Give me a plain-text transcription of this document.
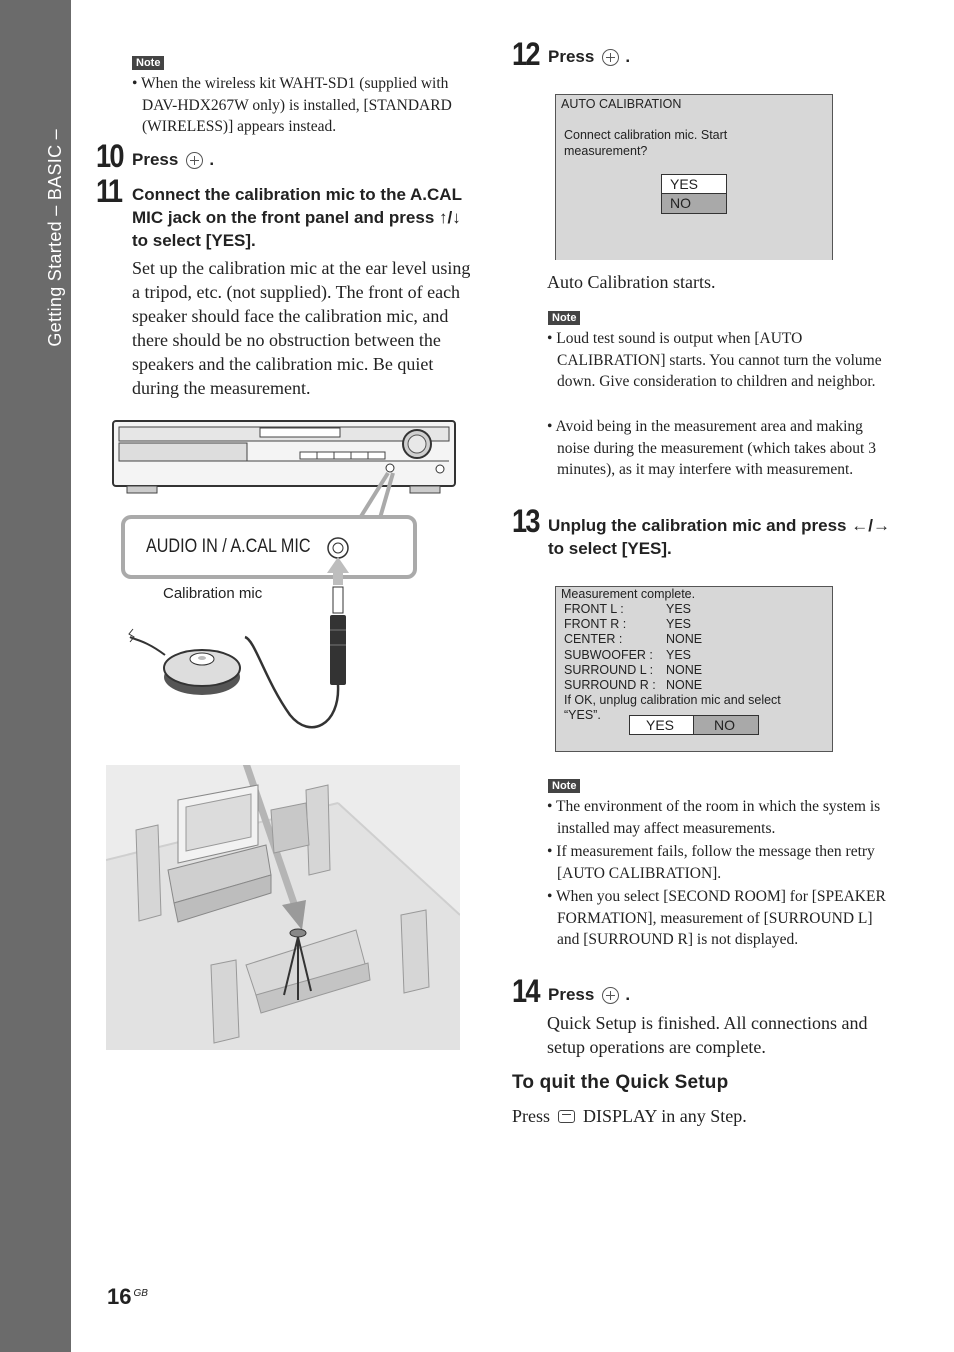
Getting Started – BASIC –
Note
• When the wireless kit WAHT-SD1 (supplied with DAV-HDX267W only) is installed, [STANDARD (WIRELESS)] appears instead.
10 Press .
11 Connect the calibration mic to the A.CAL MIC jack on the front panel and press ↑/↓ to select [YES].
Set up the calibration mic at the ear level using a tripod, etc. (not supplied). The front of each speaker should face the calibration mic, and there should be no obstruction between the speakers and the calibration mic. Be quiet during the measurement.
AUDIO IN / A.CAL MIC
Calibration mic
12 Press .
AUTO CALIBRATION
Connect calibration mic. Start measurement?
YES
NO
Auto Calibration starts.
Note
• Loud test sound is output when [AUTO CALIBRATION] starts. You cannot turn the volume down. Give consideration to children and neighbor.
• Avoid being in the measurement area and making noise during the measurement (which takes about 3 minutes), as it may interfere with measurement.
13 Unplug the calibration mic and press ←/→ to select [YES].
Measurement complete.
FRONT L :	YES
FRONT R :	YES
CENTER :	NONE
SUBWOOFER :	YES
SURROUND L :	NONE
SURROUND R : NONE
If OK, unplug calibration mic and select
“YES”.
YES	NO
Note
• The environment of the room in which the system is installed may affect measurements.
• If measurement fails, follow the message then retry [AUTO CALIBRATION].
• When you select [SECOND ROOM] for [SPEAKER FORMATION], measurement of [SURROUND L] and [SURROUND R] is not displayed.
14 Press .
Quick Setup is finished. All connections and setup operations are complete.
To quit the Quick Setup
Press DISPLAY in any Step.
16 $^{GB}$
